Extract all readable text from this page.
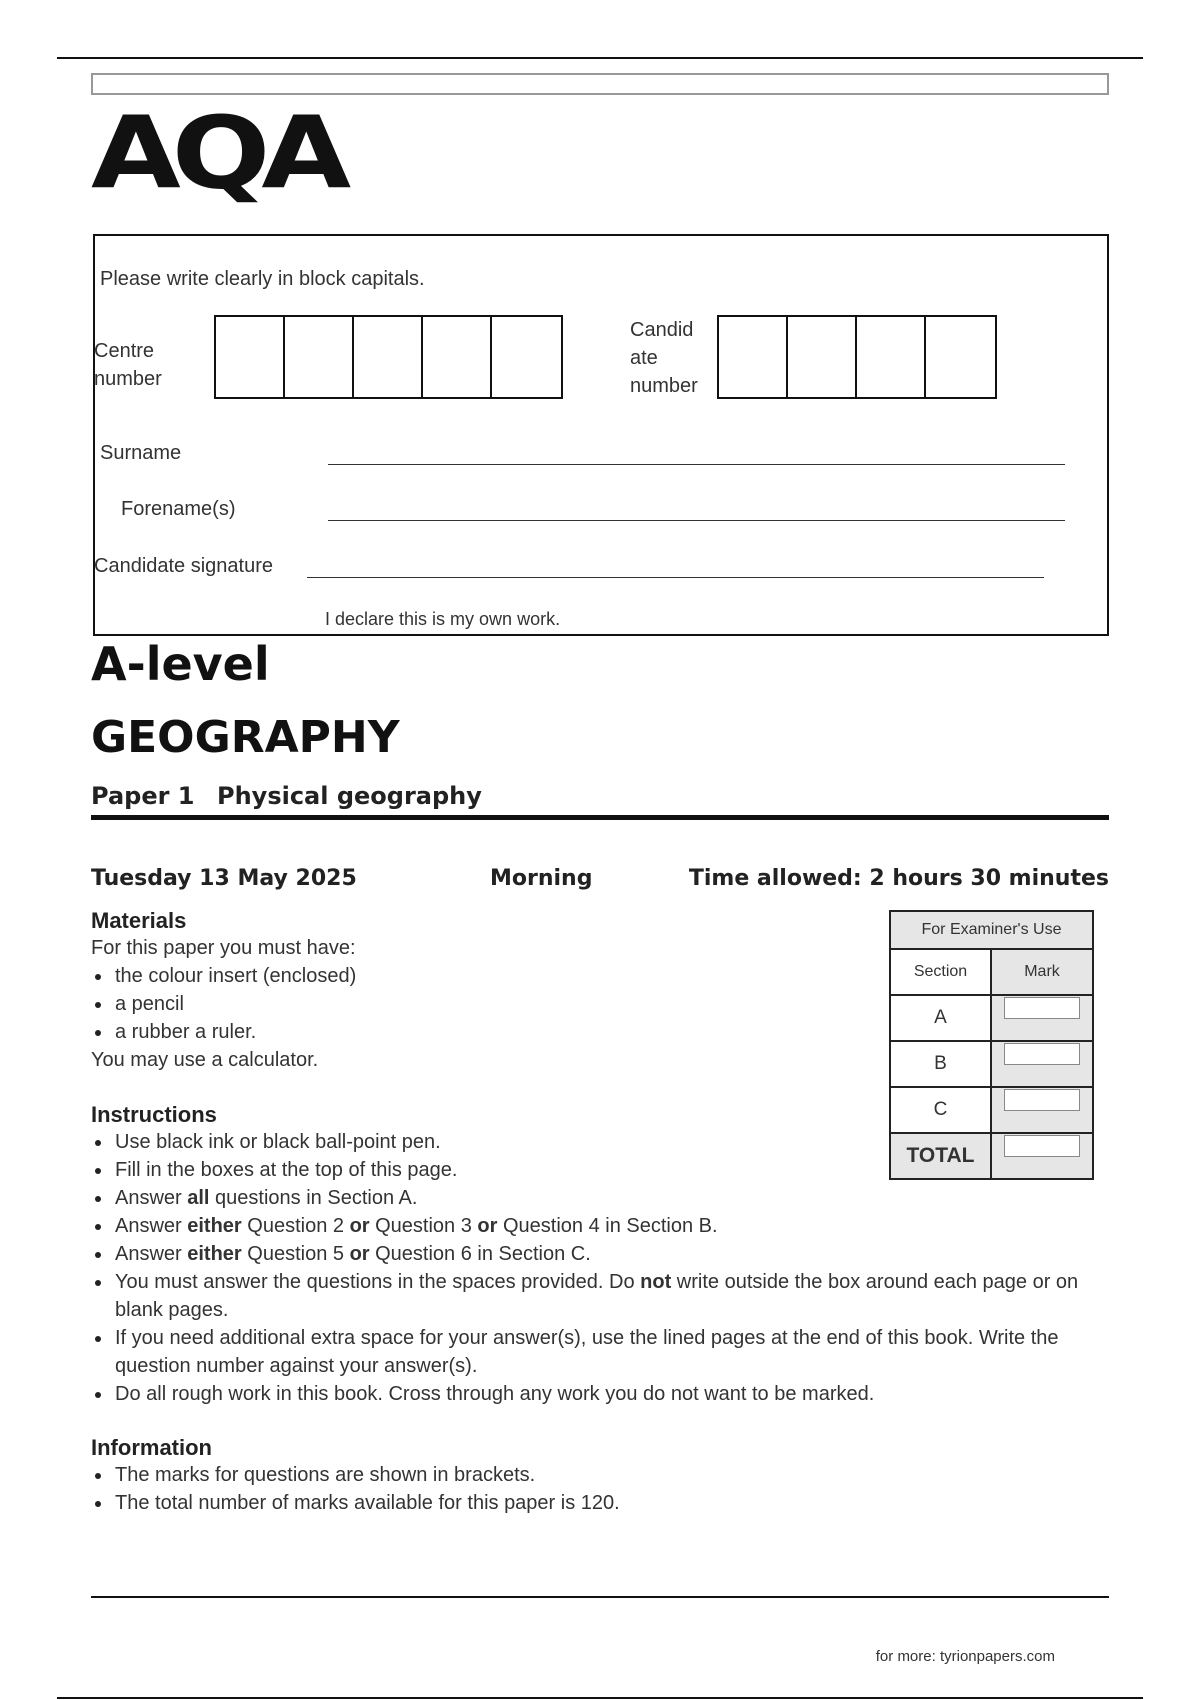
AQA
Please write clearly in block capitals.
Centre
number
Candid
ate
number
Surname
Forename(s)
Candidate signature
I declare this is my own work.
A-level
GEOGRAPHY
Paper 1 Physical geography
Tuesday 13 May 2025	Morning	Time allowed: 2 hours 30 minutes
Materials
For this paper you must have:
the colour insert (enclosed)
a pencil
a rubber a ruler.
You may use a calculator.
Instructions
Use black ink or black ball-point pen.
Fill in the boxes at the top of this page.
Answer all questions in Section A.
Answer either Question 2 or Question 3 or Question 4 in Section B.
Answer either Question 5 or Question 6 in Section C.
You must answer the questions in the spaces provided. Do not write outside the box around each page or on blank pages.
If you need additional extra space for your answer(s), use the lined pages at the end of this book. Write the question number against your answer(s).
Do all rough work in this book. Cross through any work you do not want to be marked.
Information
The marks for questions are shown in brackets.
The total number of marks available for this paper is 120.
For Examiner's Use	
Section	Mark
A	
B	
C	
TOTAL	
for more: tyrionpapers.com
